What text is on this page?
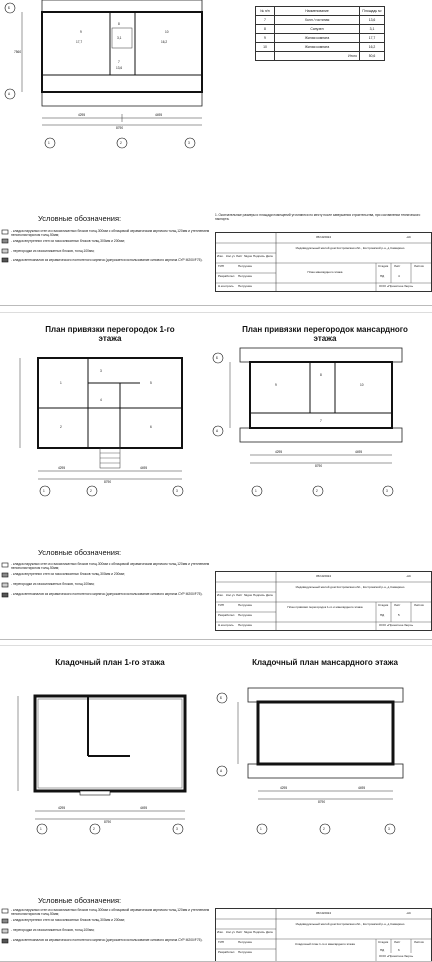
9	10
8
7
17,7	16,2
3,1
13,6
4295	4495
8790
7560
1	2	3
А
Б
№ п/п	Наименование	Площадь м²
7	Холл / гостиная	13,6
8	Санузел	3,1
9	Жилая комната	17,7
10	Жилая комната	16,2
	Итого	50,6
Условные обозначения:
- кладка наружных стен из газосиликатных блоков толщ.300мм с облицовкой керамическим кирпичом толщ.120мм и утеплением пенополистиролом толщ.50мм;
- кладка внутренних стен из газосиликатных блоков толщ.300мм и 200мм;
- перегородки из газосиликатных блоков, толщ.100мм;
- кладка вентканалов из керамического полнотелого кирпича (допускается использование сипового кирпича СУР М200/F75).
1. Окончательные размеры и площади помещений уточняются по месту после завершения строительства, при составлении технического паспорта.
05/10/2024	-АС
Индивидуальный жилой дом Костромская обл., Костромской р-н, д.Самарино
План мансардного этажа
Стадия Лист	Листов
ПД	4
ООО «Проектное бюро»
ГИП
Разработал
Н.контроль
Петрушин
Петрушин
Петрушин
Изм. Кол.уч Лист №док Подпись Дата
План привязки перегородок 1-го этажа
План привязки перегородок мансардного этажа
1
2
3
4
5
6
9
8
10
7
4295	4495
8790
4295	4495
8790
1	2	3	1	2	3
А
Б
Условные обозначения:
- кладка наружных стен из газосиликатных блоков толщ.300мм с облицовкой керамическим кирпичом толщ.120мм и утеплением пенополистиролом толщ.50мм;
- кладка внутренних стен из газосиликатных блоков толщ.300мм и 200мм;
- перегородки из газосиликатных блоков, толщ.100мм;
- кладка вентканалов из керамического полнотелого кирпича (допускается использование сипового кирпича СУР М200/F75).
05/10/2024	-АС
Индивидуальный жилой дом Костромская обл., Костромской р-н, д.Самарино
План привязки перегородок 1-го и мансардного этажа	Стадия Лист	Листов
ПД	5
ООО «Проектное бюро»
ГИП
Разработал
Н.контроль
Петрушин
Петрушин
Петрушин
Изм. Кол.уч Лист №док Подпись Дата
Кладочный план 1-го этажа	Кладочный план мансардного этажа
4295	4495
8790
4295	4495
8790
1	2	3	1	2	3
А
Б
Условные обозначения:
- кладка наружных стен из газосиликатных блоков толщ.300мм с облицовкой керамическим кирпичом толщ.120мм и утеплением пенополистиролом толщ.50мм;
- кладка внутренних стен из газосиликатных блоков толщ.300мм и 200мм;
- перегородки из газосиликатных блоков, толщ.100мм;
- кладка вентканалов из керамического полнотелого кирпича (допускается использование сипового кирпича СУР М200/F75).
05/10/2024	-АС
Индивидуальный жилой дом Костромская обл., Костромской р-н, д.Самарино
Кладочный план 1-го и мансардного этажа	Стадия Лист	Листов
ПД	6
ООО «Проектное бюро»
ГИП
Разработал
Петрушин
Петрушин
Изм. Кол.уч Лист №док Подпись Дата
